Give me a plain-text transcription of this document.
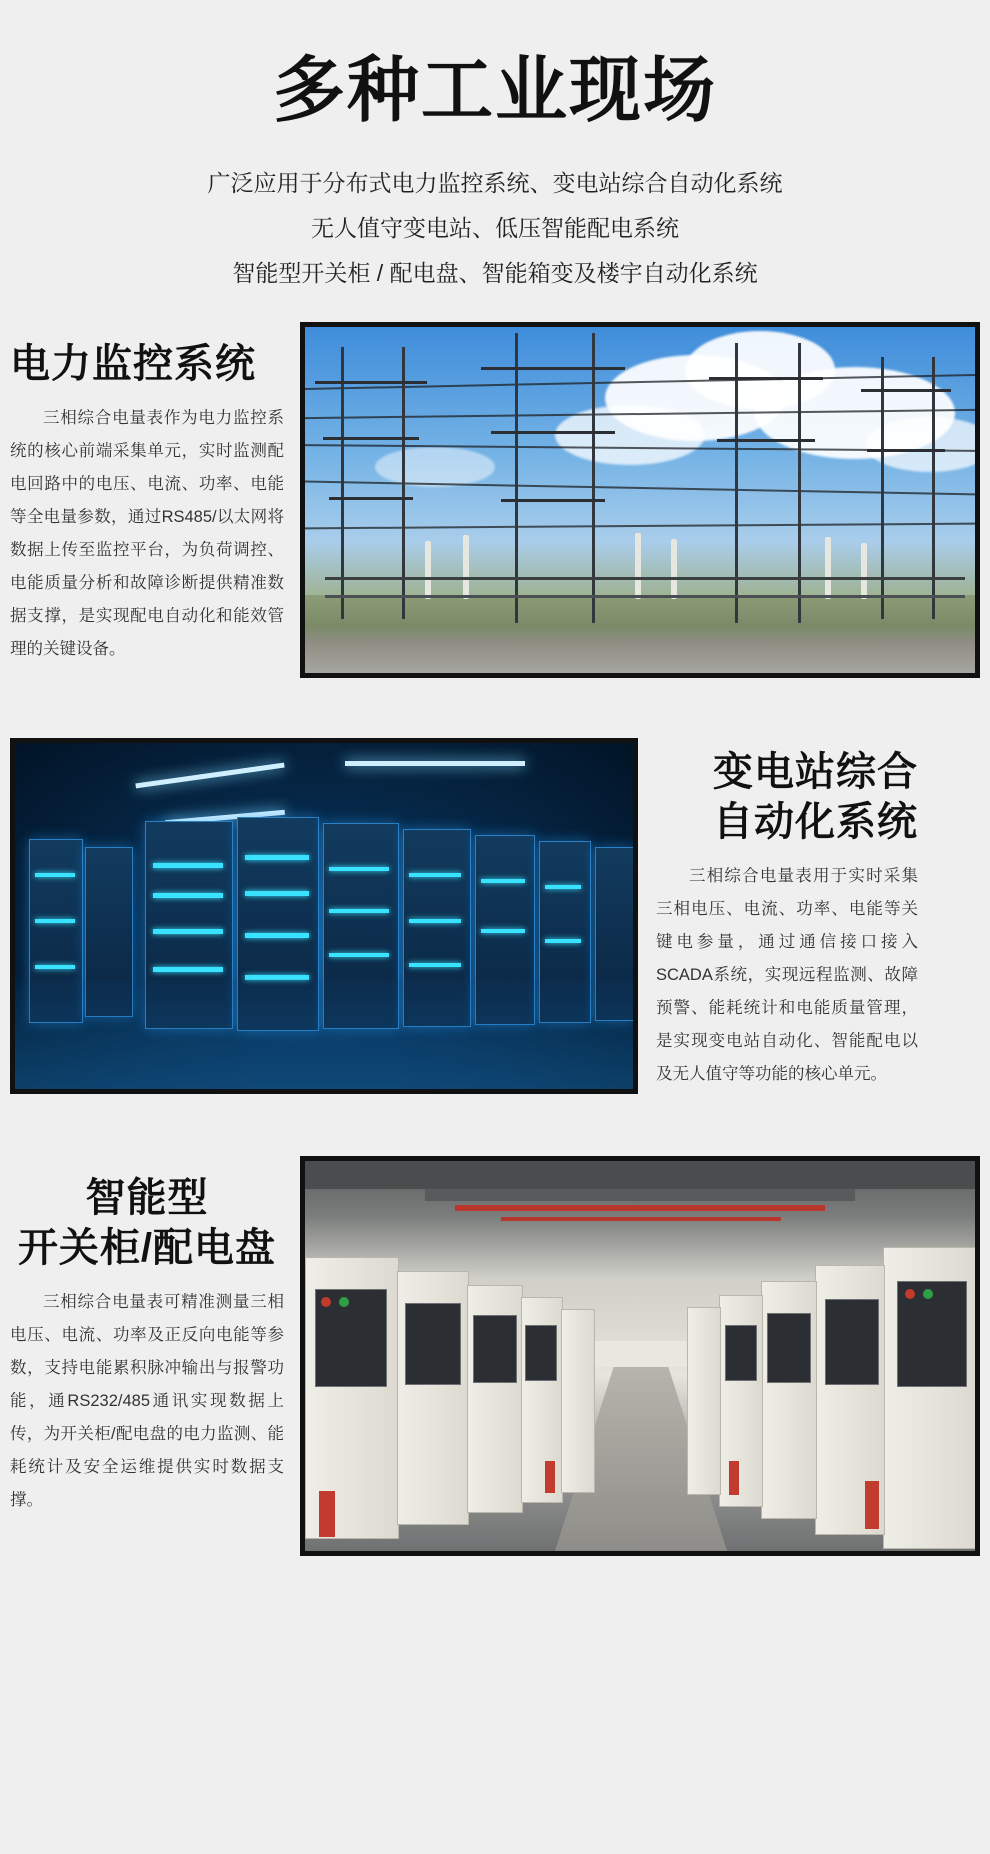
多种工业现场
广泛应用于分布式电力监控系统、变电站综合自动化系统
无人值守变电站、低压智能配电系统
智能型开关柜 / 配电盘、智能箱变及楼宇自动化系统
电力监控系统

三相综合电量表作为电力监控系统的核心前端采集单元，实时监测配电回路中的电压、电流、功率、电能等全电量参数，通过RS485/以太网将数据上传至监控平台，为负荷调控、电能质量分析和故障诊断提供精准数据支撑，是实现配电自动化和能效管理的关键设备。

变电站综合
自动化系统

三相综合电量表用于实时采集三相电压、电流、功率、电能等关键电参量，通过通信接口接入SCADA系统，实现远程监测、故障预警、能耗统计和电能质量管理，是实现变电站自动化、智能配电以及无人值守等功能的核心单元。

智能型
开关柜/配电盘

三相综合电量表可精准测量三相电压、电流、功率及正反向电能等参数，支持电能累积脉冲输出与报警功能，通RS232/485通讯实现数据上传，为开关柜/配电盘的电力监测、能耗统计及安全运维提供实时数据支撑。
